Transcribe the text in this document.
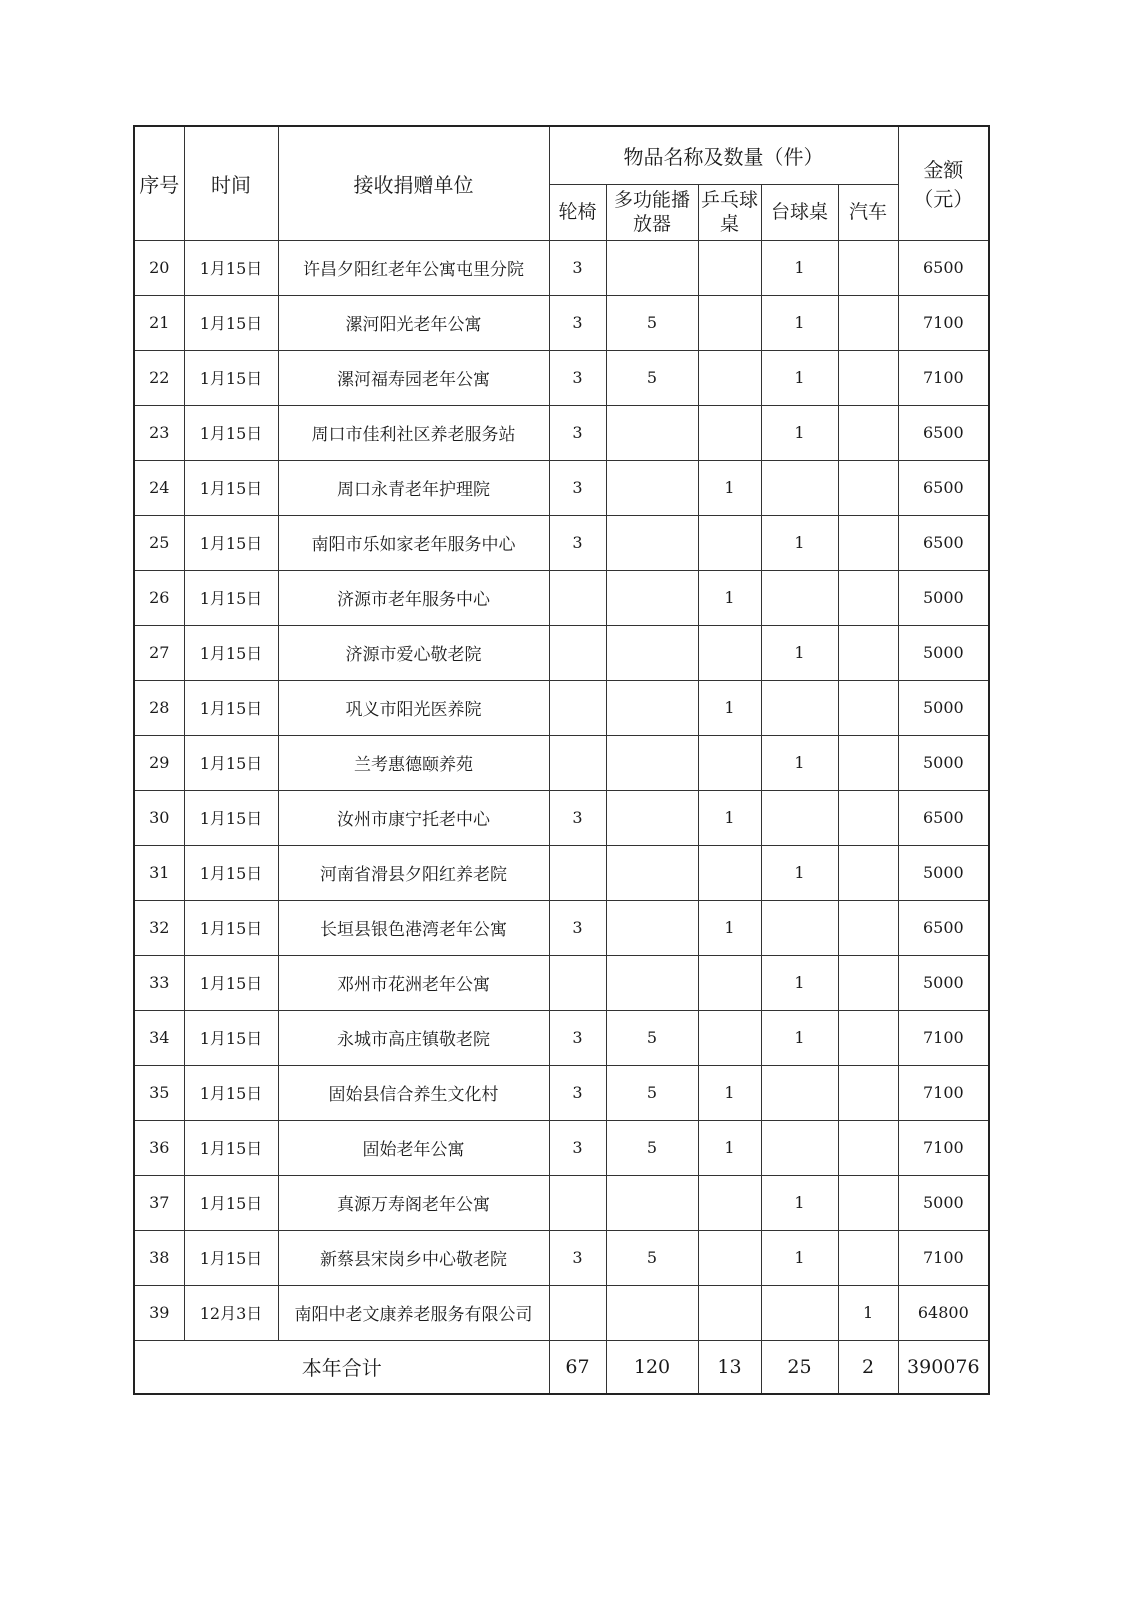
序号	时间	接收捐赠单位	物品名称及数量（件）					金额
（元）

			轮椅	多功能播放器	乒乓球桌	台球桌	汽车	
20	1月15日	许昌夕阳红老年公寓屯里分院	3			1		6500
21	1月15日	漯河阳光老年公寓	3	5		1		7100
22	1月15日	漯河福寿园老年公寓	3	5		1		7100
23	1月15日	周口市佳利社区养老服务站	3			1		6500
24	1月15日	周口永青老年护理院	3		1			6500
25	1月15日	南阳市乐如家老年服务中心	3			1		6500
26	1月15日	济源市老年服务中心			1			5000
27	1月15日	济源市爱心敬老院				1		5000
28	1月15日	巩义市阳光医养院			1			5000
29	1月15日	兰考惠德颐养苑				1		5000
30	1月15日	汝州市康宁托老中心	3		1			6500
31	1月15日	河南省滑县夕阳红养老院				1		5000
32	1月15日	长垣县银色港湾老年公寓	3		1			6500
33	1月15日	邓州市花洲老年公寓				1		5000
34	1月15日	永城市高庄镇敬老院	3	5		1		7100
35	1月15日	固始县信合养生文化村	3	5	1			7100
36	1月15日	固始老年公寓	3	5	1			7100
37	1月15日	真源万寿阁老年公寓				1		5000
38	1月15日	新蔡县宋岗乡中心敬老院	3	5		1		7100
39	12月3日	南阳中老文康养老服务有限公司					1	64800
本年合计			67	120	13	25	2	390076
